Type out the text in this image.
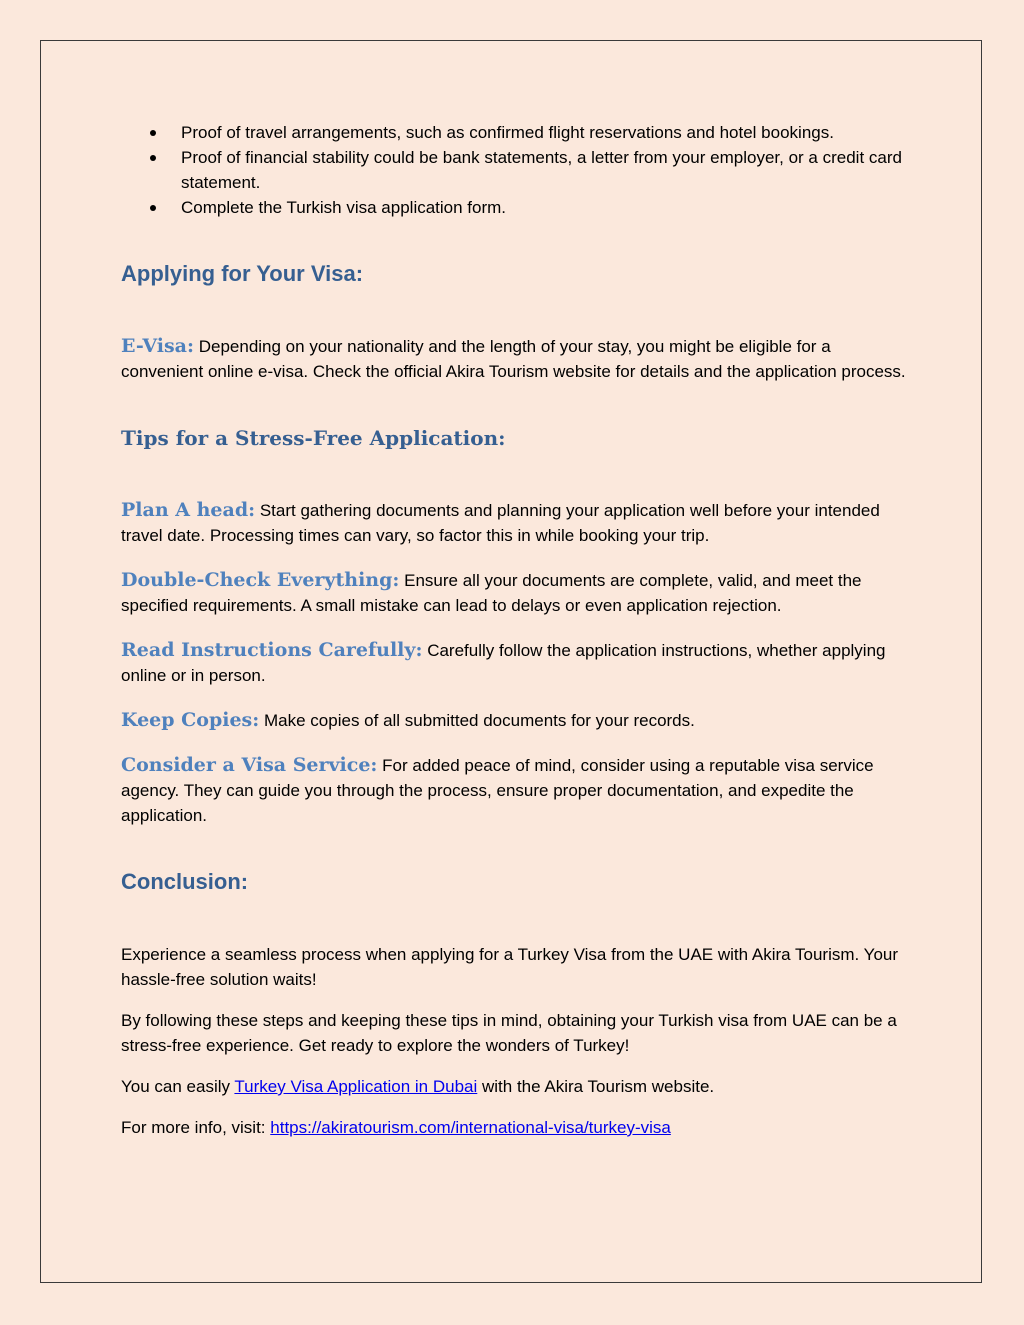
Proof of travel arrangements, such as confirmed flight reservations and hotel bookings.
Proof of financial stability could be bank statements, a letter from your employer, or a credit card statement.
Complete the Turkish visa application form.
Applying for Your Visa:

E-Visa: Depending on your nationality and the length of your stay, you might be eligible for a convenient online e-visa. Check the official Akira Tourism website for details and the application process.

Tips for a Stress-Free Application:

Plan A head: Start gathering documents and planning your application well before your intended travel date. Processing times can vary, so factor this in while booking your trip.

Double-Check Everything: Ensure all your documents are complete, valid, and meet the specified requirements. A small mistake can lead to delays or even application rejection.

Read Instructions Carefully: Carefully follow the application instructions, whether applying online or in person.

Keep Copies: Make copies of all submitted documents for your records.

Consider a Visa Service: For added peace of mind, consider using a reputable visa service agency. They can guide you through the process, ensure proper documentation, and expedite the application.

Conclusion:

Experience a seamless process when applying for a Turkey Visa from the UAE with Akira Tourism. Your hassle-free solution waits!

By following these steps and keeping these tips in mind, obtaining your Turkish visa from UAE can be a stress-free experience. Get ready to explore the wonders of Turkey!

You can easily Turkey Visa Application in Dubai with the Akira Tourism website.

For more info, visit: https://akiratourism.com/international-visa/turkey-visa
